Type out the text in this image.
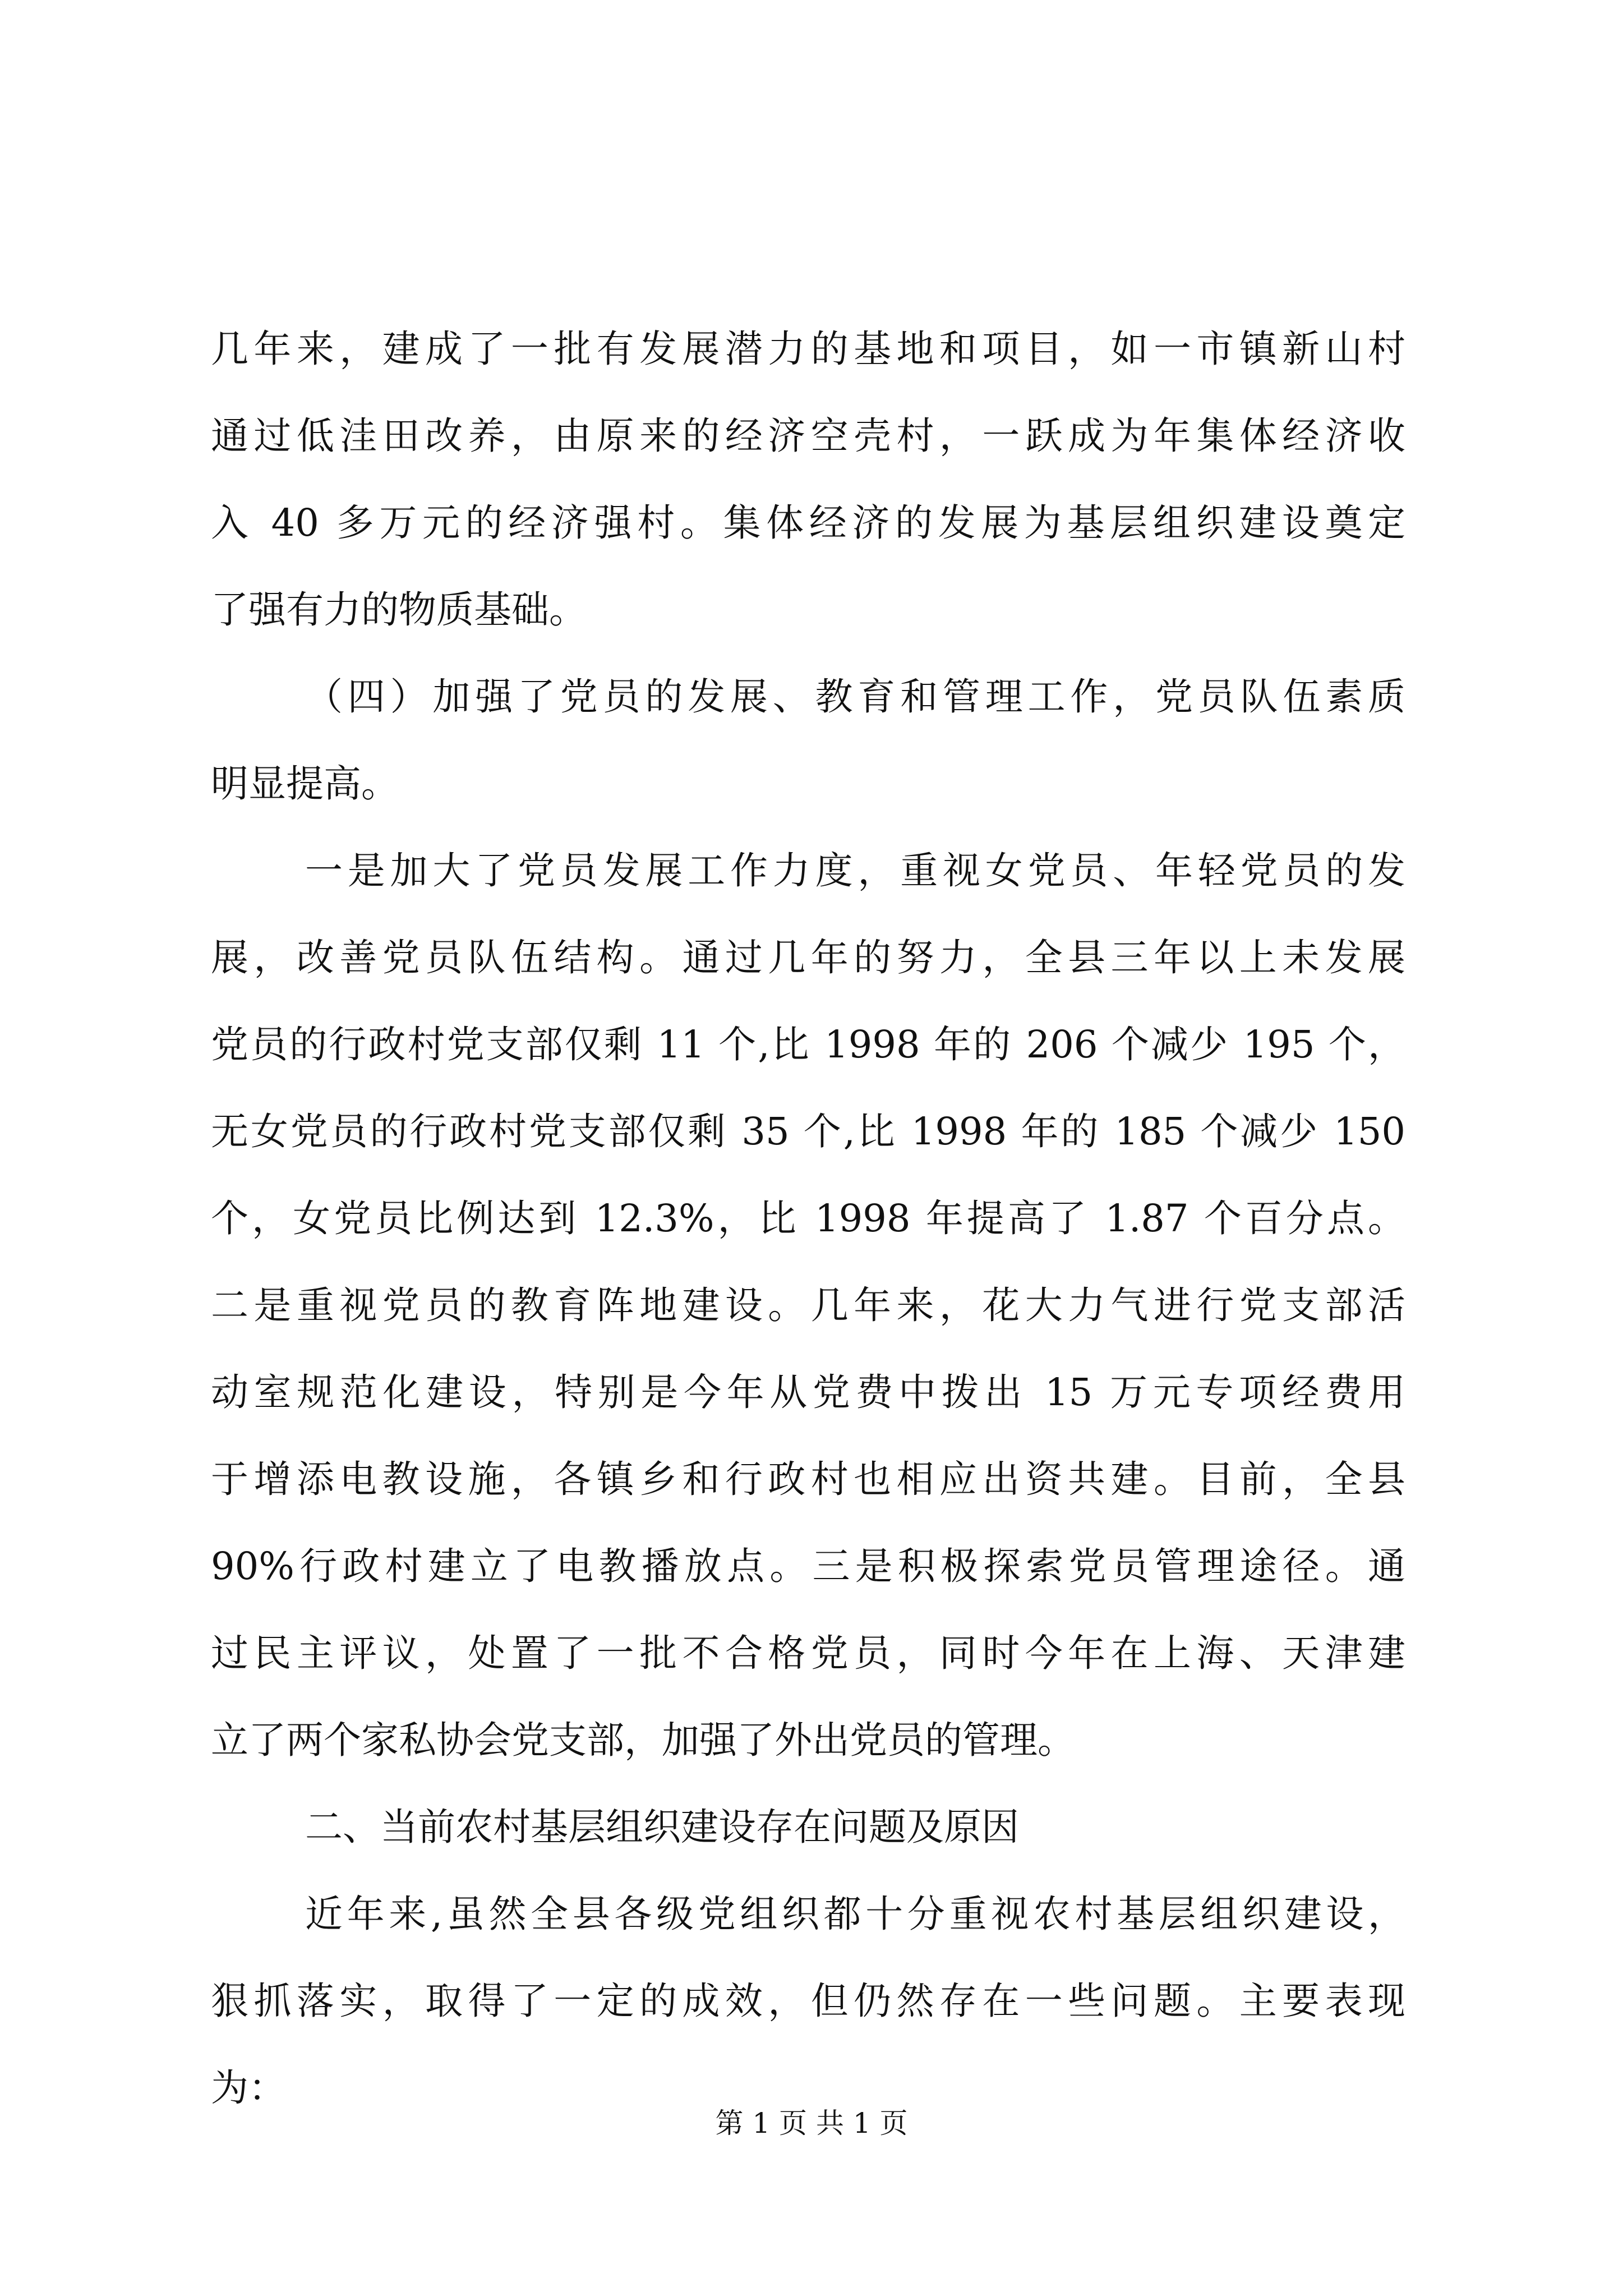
几年来，建成了一批有发展潜力的基地和项目，如一市镇新山村
通过低洼田改养，由原来的经济空壳村，一跃成为年集体经济收
入 40 多万元的经济强村。集体经济的发展为基层组织建设奠定
了强有力的物质基础。
（四）加强了党员的发展、教育和管理工作，党员队伍素质
明显提高。
一是加大了党员发展工作力度，重视女党员、年轻党员的发
展，改善党员队伍结构。通过几年的努力，全县三年以上未发展
党员的行政村党支部仅剩 11 个,比 1998 年的 206 个减少 195 个，
无女党员的行政村党支部仅剩 35 个,比 1998 年的 185 个减少 150
个，女党员比例达到 12.3%，比 1998 年提高了 1.87 个百分点。
二是重视党员的教育阵地建设。几年来，花大力气进行党支部活
动室规范化建设，特别是今年从党费中拨出 15 万元专项经费用
于增添电教设施，各镇乡和行政村也相应出资共建。目前，全县
90%行政村建立了电教播放点。三是积极探索党员管理途径。通
过民主评议，处置了一批不合格党员，同时今年在上海、天津建
立了两个家私协会党支部，加强了外出党员的管理。
二、当前农村基层组织建设存在问题及原因
近年来,虽然全县各级党组织都十分重视农村基层组织建设，
狠抓落实，取得了一定的成效，但仍然存在一些问题。主要表现
为：
第 1 页 共 1 页
